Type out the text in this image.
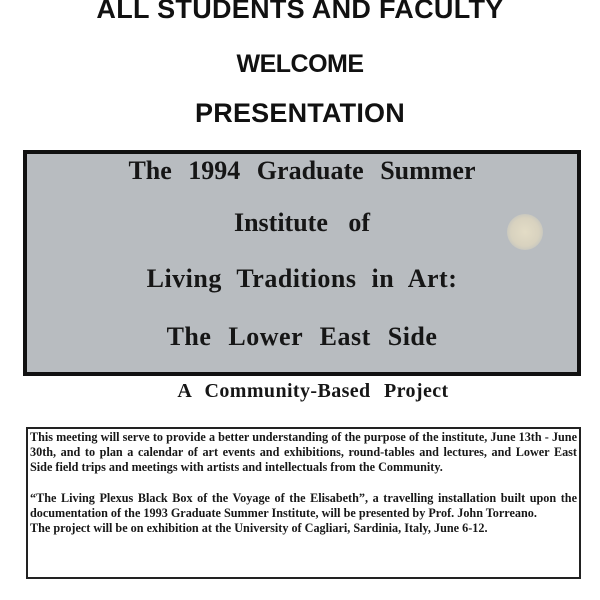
ALL STUDENTS AND FACULTY
WELCOME
PRESENTATION
The 1994 Graduate Summer
Institute of
Living Traditions in Art:
The Lower East Side
A Community-Based Project

This meeting will serve to provide a better understanding of the purpose of the institute, June 13th - June 30th, and to plan a calendar of art events and exhibitions, round-tables and lectures, and Lower East Side field trips and meetings with artists and intellectuals from the Community.

“The Living Plexus Black Box of the Voyage of the Elisabeth”, a travelling installation built upon the documentation of the 1993 Graduate Summer Institute, will be presented by Prof. John Torreano.

The project will be on exhibition at the University of Cagliari, Sardinia, Italy, June 6-12.
